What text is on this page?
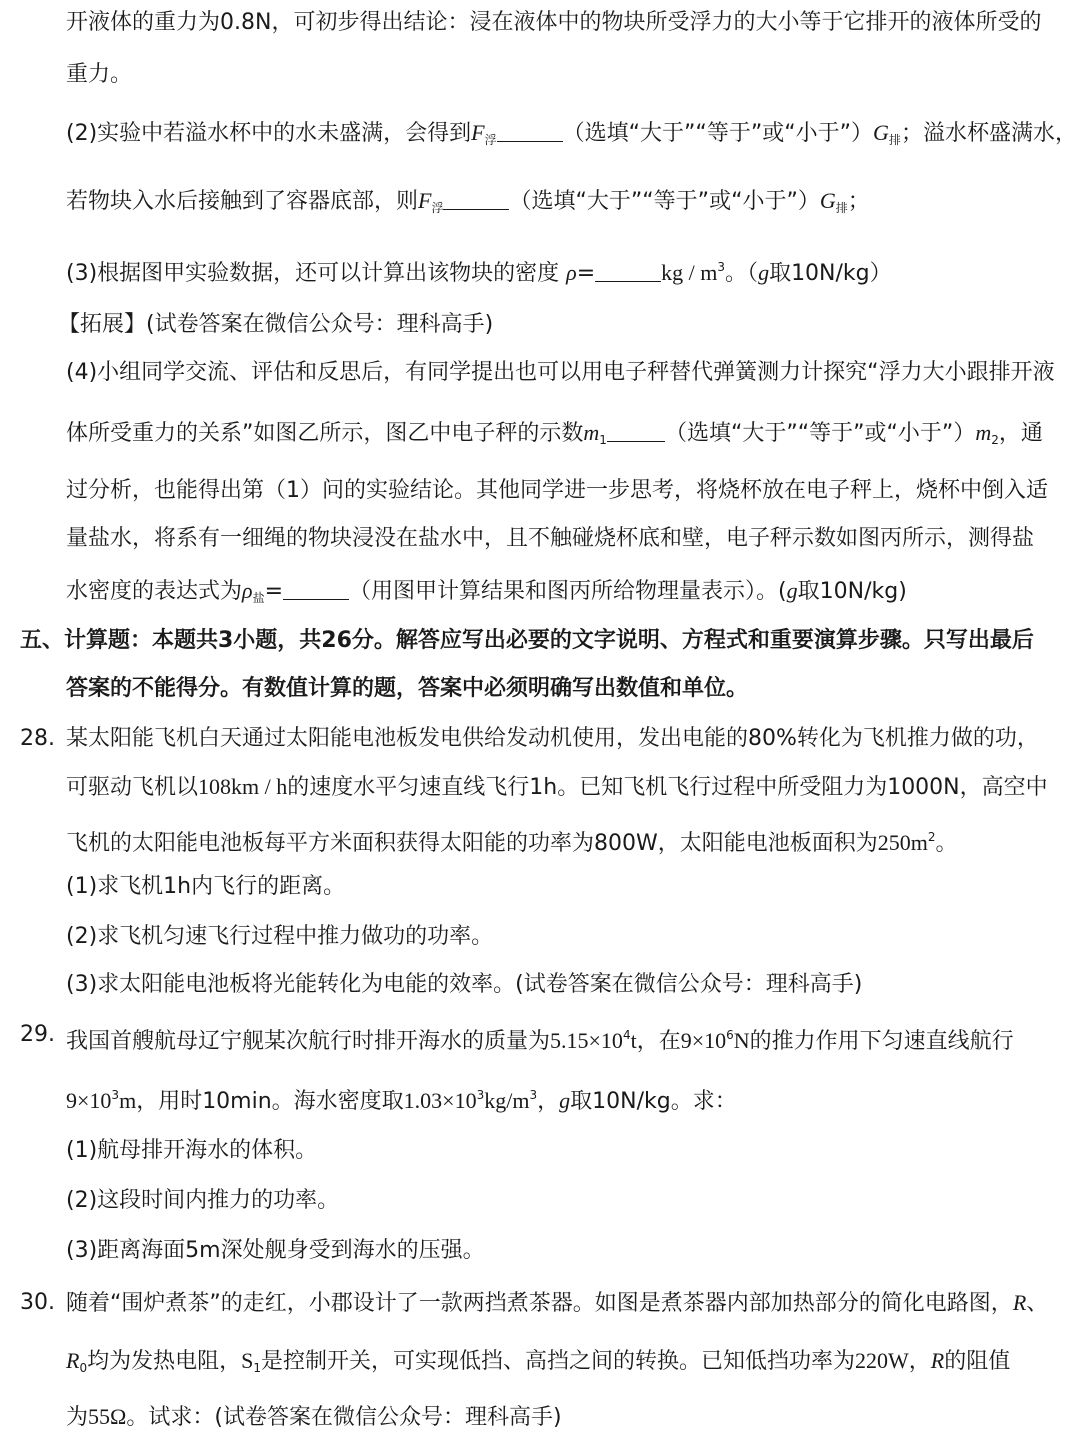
开液体的重力为0.8N，可初步得出结论：浸在液体中的物块所受浮力的大小等于它排开的液体所受的
重力。
(2)实验中若溢水杯中的水未盛满，会得到$F_浮$	（选填“大于”“等于”或“小于$”)G_排$；溢水杯盛满水，
若物块入水后接触到了容器底部，则$F_浮$	（选填“大于”“等于”或“小于$”)G_排$；
(3)根据图甲实验数据，还可以计算出该物块的密度 ρ=	kg / $m^3$。（g取10N/kg）
【拓展】(试卷答案在微信公众号：理科高手)
(4)小组同学交流、评估和反思后，有同学提出也可以用电子秤替代弹簧测力计探究“浮力大小跟排开液
体所受重力的关系”如图乙所示，图乙中电子秤的示数$m_1$	（选填“大于”“等于”或“小于$”)m_2$，通
过分析，也能得出第（1）问的实验结论。其他同学进一步思考，将烧杯放在电子秤上，烧杯中倒入适
量盐水，将系有一细绳的物块浸没在盐水中，且不触碰烧杯底和壁，电子秤示数如图丙所示，测得盐
水密度的表达式为$\rho_盐=$	（用图甲计算结果和图丙所给物理量表示）。(g取10N/kg)
五、计算题：本题共3小题，共26分。解答应写出必要的文字说明、方程式和重要演算步骤。只写出最后
答案的不能得分。有数值计算的题，答案中必须明确写出数值和单位。
28. 某太阳能飞机白天通过太阳能电池板发电供给发动机使用，发出电能的80%转化为飞机推力做的功，
可驱动飞机以108km / h的速度水平匀速直线飞行1h。已知飞机飞行过程中所受阻力为1000N，高空中
飞机的太阳能电池板每平方米面积获得太阳能的功率为800W，太阳能电池板面积为$250m^2$。
(1)求飞机1h内飞行的距离。
(2)求飞机匀速飞行过程中推力做功的功率。
(3)求太阳能电池板将光能转化为电能的效率。(试卷答案在微信公众号：理科高手)
29. 我国首艘航母辽宁舰某次航行时排开海水的质量为$5.15\times 10^4t$，在$9\times 10^6N$的推力作用下匀速直线航行
$9\times 10^3m$，用时10min。海水密度取$1.03\times 10^3kg/m^3$，g取10N/kg。求：
(1)航母排开海水的体积。
(2)这段时间内推力的功率。
(3)距离海面5m深处舰身受到海水的压强。
30. 随着“围炉煮茶”的走红，小郡设计了一款两挡煮茶器。如图是煮茶器内部加热部分的简化电路图，R、
$R_0$均为发热电阻，$S_1$是控制开关，可实现低挡、高挡之间的转换。已知低挡功率为220W，R的阻值
为55Ω。试求：(试卷答案在微信公众号：理科高手)
